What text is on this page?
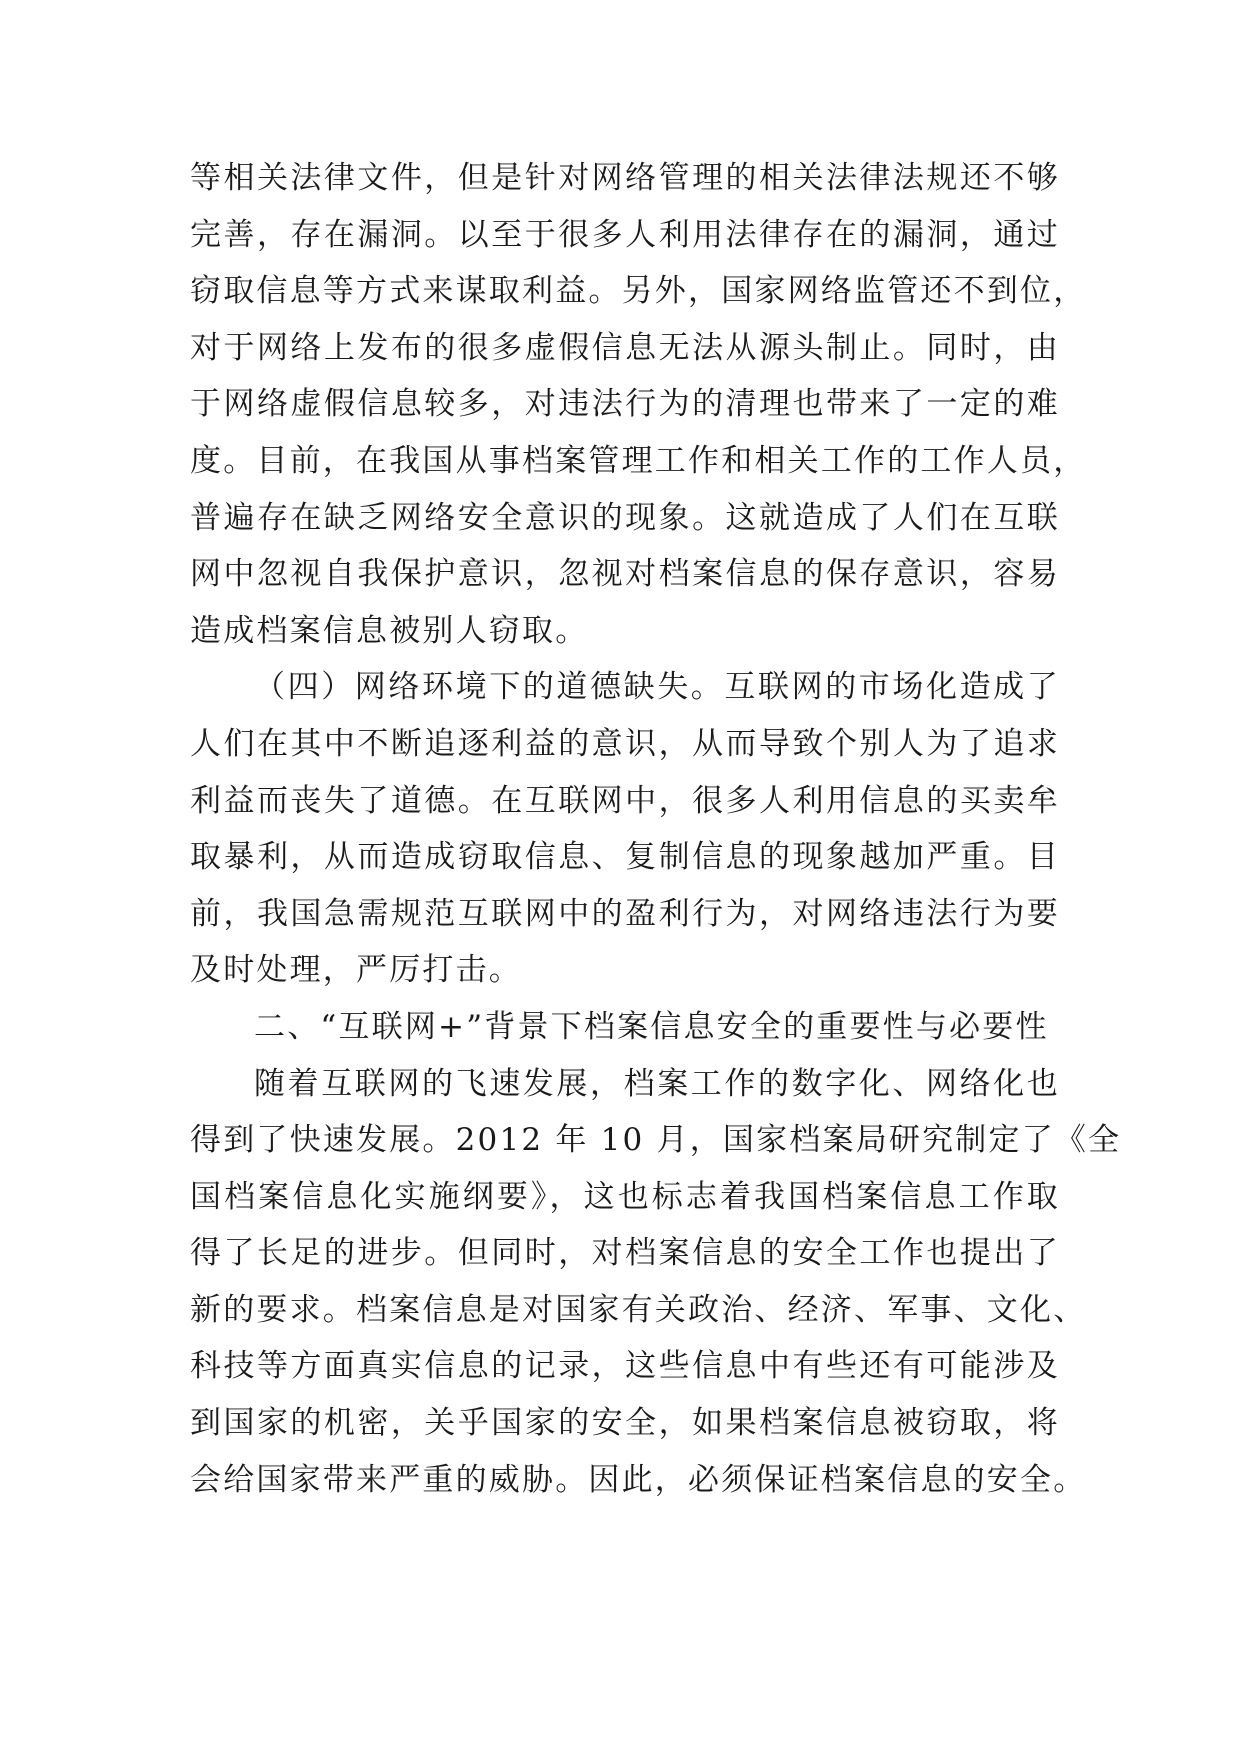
等相关法律文件，但是针对网络管理的相关法律法规还不够
完善，存在漏洞。以至于很多人利用法律存在的漏洞，通过
窃取信息等方式来谋取利益。另外，国家网络监管还不到位，
对于网络上发布的很多虚假信息无法从源头制止。同时，由
于网络虚假信息较多，对违法行为的清理也带来了一定的难
度。目前，在我国从事档案管理工作和相关工作的工作人员，
普遍存在缺乏网络安全意识的现象。这就造成了人们在互联
网中忽视自我保护意识，忽视对档案信息的保存意识，容易
造成档案信息被别人窃取。
（四）网络环境下的道德缺失。互联网的市场化造成了
人们在其中不断追逐利益的意识，从而导致个别人为了追求
利益而丧失了道德。在互联网中，很多人利用信息的买卖牟
取暴利，从而造成窃取信息、复制信息的现象越加严重。目
前，我国急需规范互联网中的盈利行为，对网络违法行为要
及时处理，严厉打击。
二、“互联网+”背景下档案信息安全的重要性与必要性
随着互联网的飞速发展，档案工作的数字化、网络化也
得到了快速发展。2012 年 10 月，国家档案局研究制定了《全
国档案信息化实施纲要》，这也标志着我国档案信息工作取
得了长足的进步。但同时，对档案信息的安全工作也提出了
新的要求。档案信息是对国家有关政治、经济、军事、文化、
科技等方面真实信息的记录，这些信息中有些还有可能涉及
到国家的机密，关乎国家的安全，如果档案信息被窃取，将
会给国家带来严重的威胁。因此，必须保证档案信息的安全。
